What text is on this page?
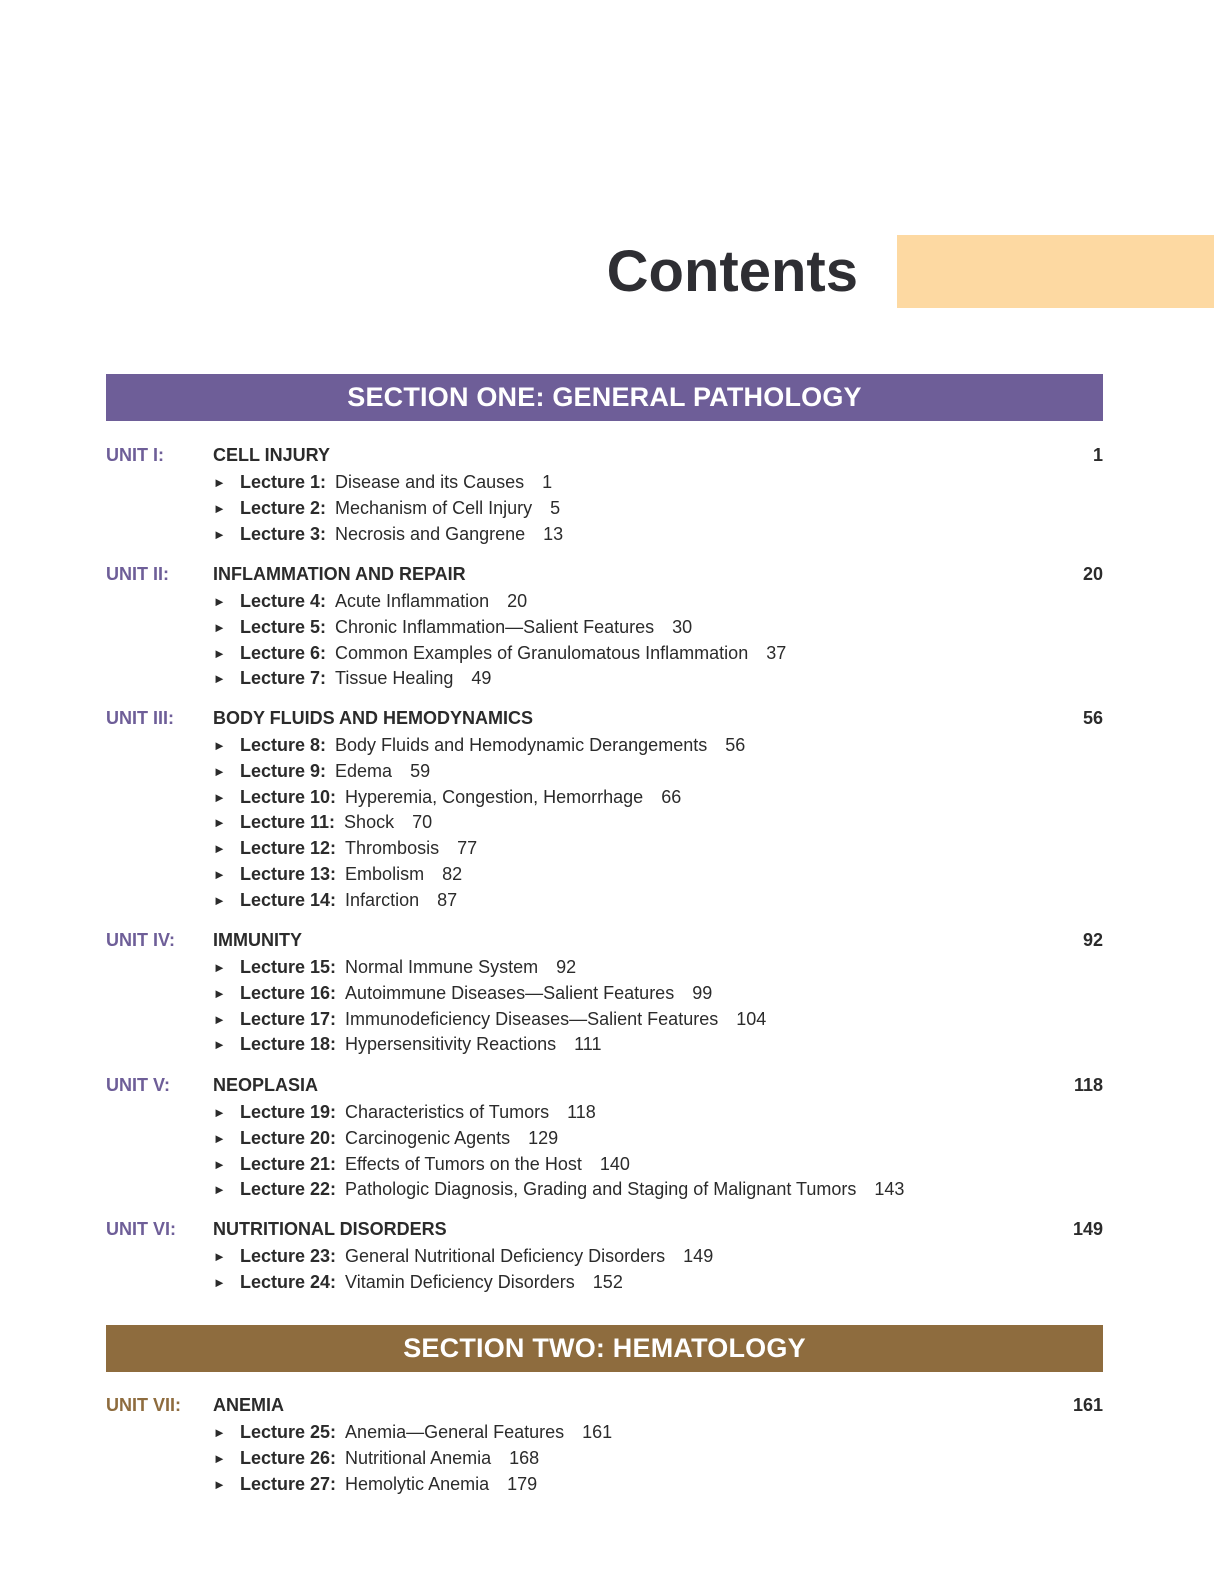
Contents
SECTION ONE: GENERAL PATHOLOGY
SECTION TWO: HEMATOLOGY
UNIT I:	CELL INJURY	1
► Lecture 1: Disease and its Causes 1
► Lecture 2: Mechanism of Cell Injury 5
► Lecture 3: Necrosis and Gangrene 13
UNIT II: INFLAMMATION AND REPAIR	20
► Lecture 4: Acute Inflammation 20
► Lecture 5: Chronic Inflammation—Salient Features 30
► Lecture 6: Common Examples of Granulomatous Inflammation 37
► Lecture 7: Tissue Healing 49
UNIT III: BODY FLUIDS AND HEMODYNAMICS	56
► Lecture 8: Body Fluids and Hemodynamic Derangements 56
► Lecture 9: Edema 59
► Lecture 10: Hyperemia, Congestion, Hemorrhage 66
► Lecture 11: Shock 70
► Lecture 12: Thrombosis 77
► Lecture 13: Embolism 82
► Lecture 14: Infarction 87
UNIT IV: IMMUNITY	92
► Lecture 15: Normal Immune System 92
► Lecture 16: Autoimmune Diseases—Salient Features 99
► Lecture 17: Immunodeficiency Diseases—Salient Features 104
► Lecture 18: Hypersensitivity Reactions 111
UNIT V: NEOPLASIA	118
► Lecture 19: Characteristics of Tumors 118
► Lecture 20: Carcinogenic Agents 129
► Lecture 21: Effects of Tumors on the Host 140
► Lecture 22: Pathologic Diagnosis, Grading and Staging of Malignant Tumors 143
UNIT VI: NUTRITIONAL DISORDERS	149
► Lecture 23: General Nutritional Deficiency Disorders 149
► Lecture 24: Vitamin Deficiency Disorders 152
UNIT VII: ANEMIA	161
► Lecture 25: Anemia—General Features 161
► Lecture 26: Nutritional Anemia 168
► Lecture 27: Hemolytic Anemia 179
